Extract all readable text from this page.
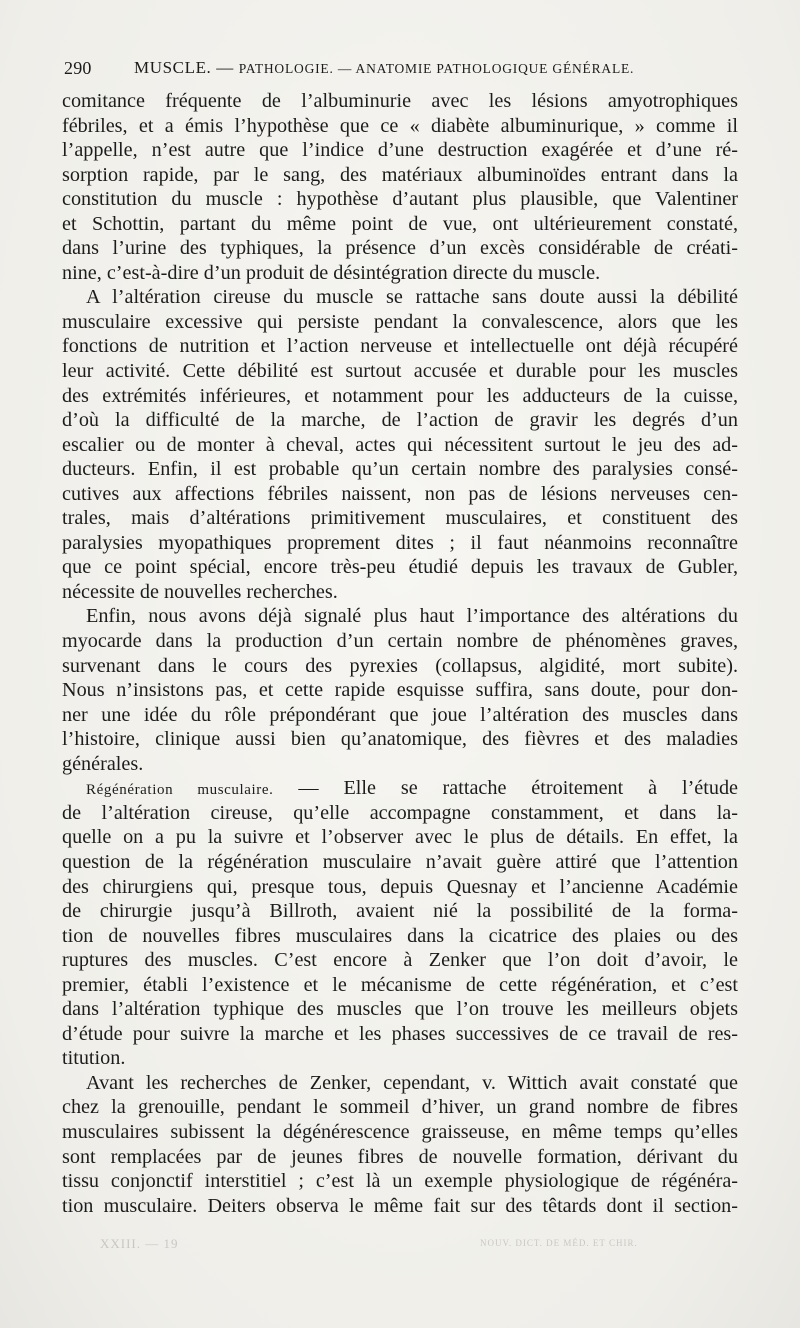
290 MUSCLE. — PATHOLOGIE. — ANATOMIE PATHOLOGIQUE GÉNÉRALE.
comitance fréquente de l’albuminurie avec les lésions amyotrophiques
fébriles, et a émis l’hypothèse que ce « diabète albuminurique, » comme il
l’appelle, n’est autre que l’indice d’une destruction exagérée et d’une ré-
sorption rapide, par le sang, des matériaux albuminoïdes entrant dans la
constitution du muscle : hypothèse d’autant plus plausible, que Valentiner
et Schottin, partant du même point de vue, ont ultérieurement constaté,
dans l’urine des typhiques, la présence d’un excès considérable de créati-
nine, c’est-à-dire d’un produit de désintégration directe du muscle.
A l’altération cireuse du muscle se rattache sans doute aussi la débilité
musculaire excessive qui persiste pendant la convalescence, alors que les
fonctions de nutrition et l’action nerveuse et intellectuelle ont déjà récupéré
leur activité. Cette débilité est surtout accusée et durable pour les muscles
des extrémités inférieures, et notamment pour les adducteurs de la cuisse,
d’où la difficulté de la marche, de l’action de gravir les degrés d’un
escalier ou de monter à cheval, actes qui nécessitent surtout le jeu des ad-
ducteurs. Enfin, il est probable qu’un certain nombre des paralysies consé-
cutives aux affections fébriles naissent, non pas de lésions nerveuses cen-
trales, mais d’altérations primitivement musculaires, et constituent des
paralysies myopathiques proprement dites ; il faut néanmoins reconnaître
que ce point spécial, encore très-peu étudié depuis les travaux de Gubler,
nécessite de nouvelles recherches.
Enfin, nous avons déjà signalé plus haut l’importance des altérations du
myocarde dans la production d’un certain nombre de phénomènes graves,
survenant dans le cours des pyrexies (collapsus, algidité, mort subite).
Nous n’insistons pas, et cette rapide esquisse suffira, sans doute, pour don-
ner une idée du rôle prépondérant que joue l’altération des muscles dans
l’histoire, clinique aussi bien qu’anatomique, des fièvres et des maladies
générales.
Régénération musculaire. — Elle se rattache étroitement à l’étude
de l’altération cireuse, qu’elle accompagne constamment, et dans la-
quelle on a pu la suivre et l’observer avec le plus de détails. En effet, la
question de la régénération musculaire n’avait guère attiré que l’attention
des chirurgiens qui, presque tous, depuis Quesnay et l’ancienne Académie
de chirurgie jusqu’à Billroth, avaient nié la possibilité de la forma-
tion de nouvelles fibres musculaires dans la cicatrice des plaies ou des
ruptures des muscles. C’est encore à Zenker que l’on doit d’avoir, le
premier, établi l’existence et le mécanisme de cette régénération, et c’est
dans l’altération typhique des muscles que l’on trouve les meilleurs objets
d’étude pour suivre la marche et les phases successives de ce travail de res-
titution.
Avant les recherches de Zenker, cependant, v. Wittich avait constaté que
chez la grenouille, pendant le sommeil d’hiver, un grand nombre de fibres
musculaires subissent la dégénérescence graisseuse, en même temps qu’elles
sont remplacées par de jeunes fibres de nouvelle formation, dérivant du
tissu conjonctif interstitiel ; c’est là un exemple physiologique de régénéra-
tion musculaire. Deiters observa le même fait sur des têtards dont il section-
XXIII. — 19	NOUV. DICT. DE MÉD. ET CHIR.
